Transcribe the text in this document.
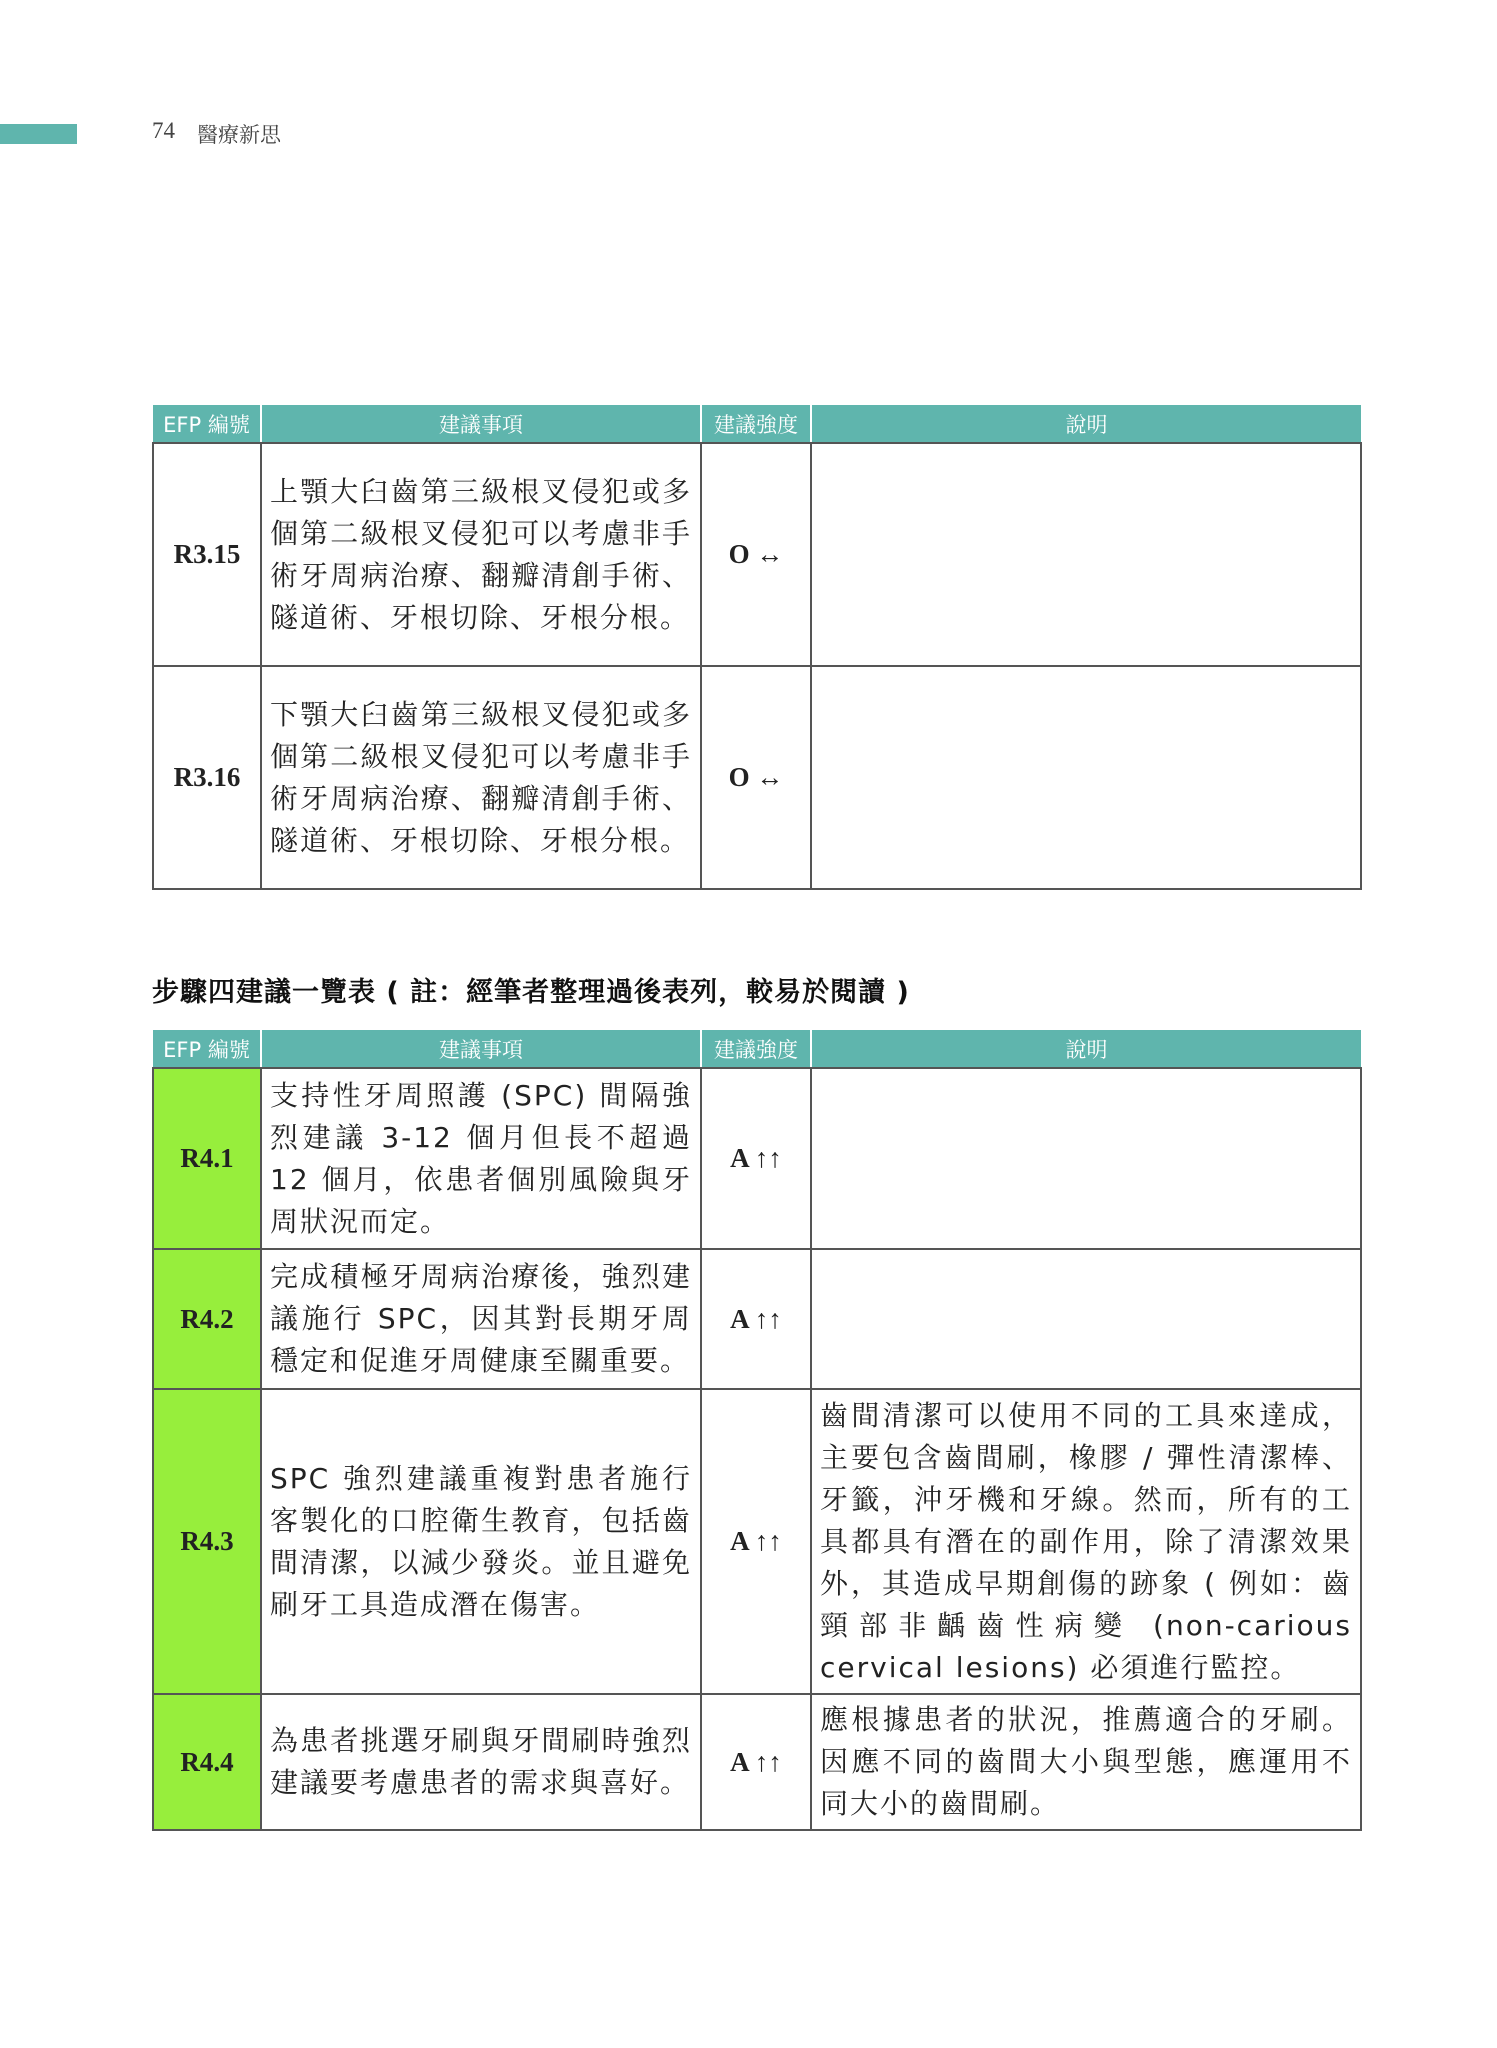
74 醫療新思
EFP 編號	建議事項	建議強度	說明
R3.15	上顎大臼齒第三級根叉侵犯或多個第二級根叉侵犯可以考慮非手術牙周病治療、翻瓣清創手術、隧道術、牙根切除、牙根分根。	O ↔	
R3.16	下顎大臼齒第三級根叉侵犯或多個第二級根叉侵犯可以考慮非手術牙周病治療、翻瓣清創手術、隧道術、牙根切除、牙根分根。	O ↔	
步驟四建議一覽表 ( 註：經筆者整理過後表列，較易於閱讀 )
EFP 編號	建議事項	建議強度	說明
R4.1	支持性牙周照護 (SPC) 間隔強烈建議 3-12 個月但長不超過 12 個月，依患者個別風險與牙周狀況而定。	A ↑↑	
R4.2	完成積極牙周病治療後，強烈建議施行 SPC，因其對長期牙周穩定和促進牙周健康至關重要。	A ↑↑	
R4.3	SPC 強烈建議重複對患者施行客製化的口腔衛生教育，包括齒間清潔，以減少發炎。並且避免刷牙工具造成潛在傷害。	A ↑↑	齒間清潔可以使用不同的工具來達成，主要包含齒間刷，橡膠 / 彈性清潔棒、牙籤，沖牙機和牙線。然而，所有的工具都具有潛在的副作用，除了清潔效果外，其造成早期創傷的跡象 ( 例如：齒頸部非齲齒性病變 (non-carious cervical lesions) 必須進行監控。
R4.4	為患者挑選牙刷與牙間刷時強烈建議要考慮患者的需求與喜好。	A ↑↑	應根據患者的狀況，推薦適合的牙刷。因應不同的齒間大小與型態，應運用不同大小的齒間刷。
